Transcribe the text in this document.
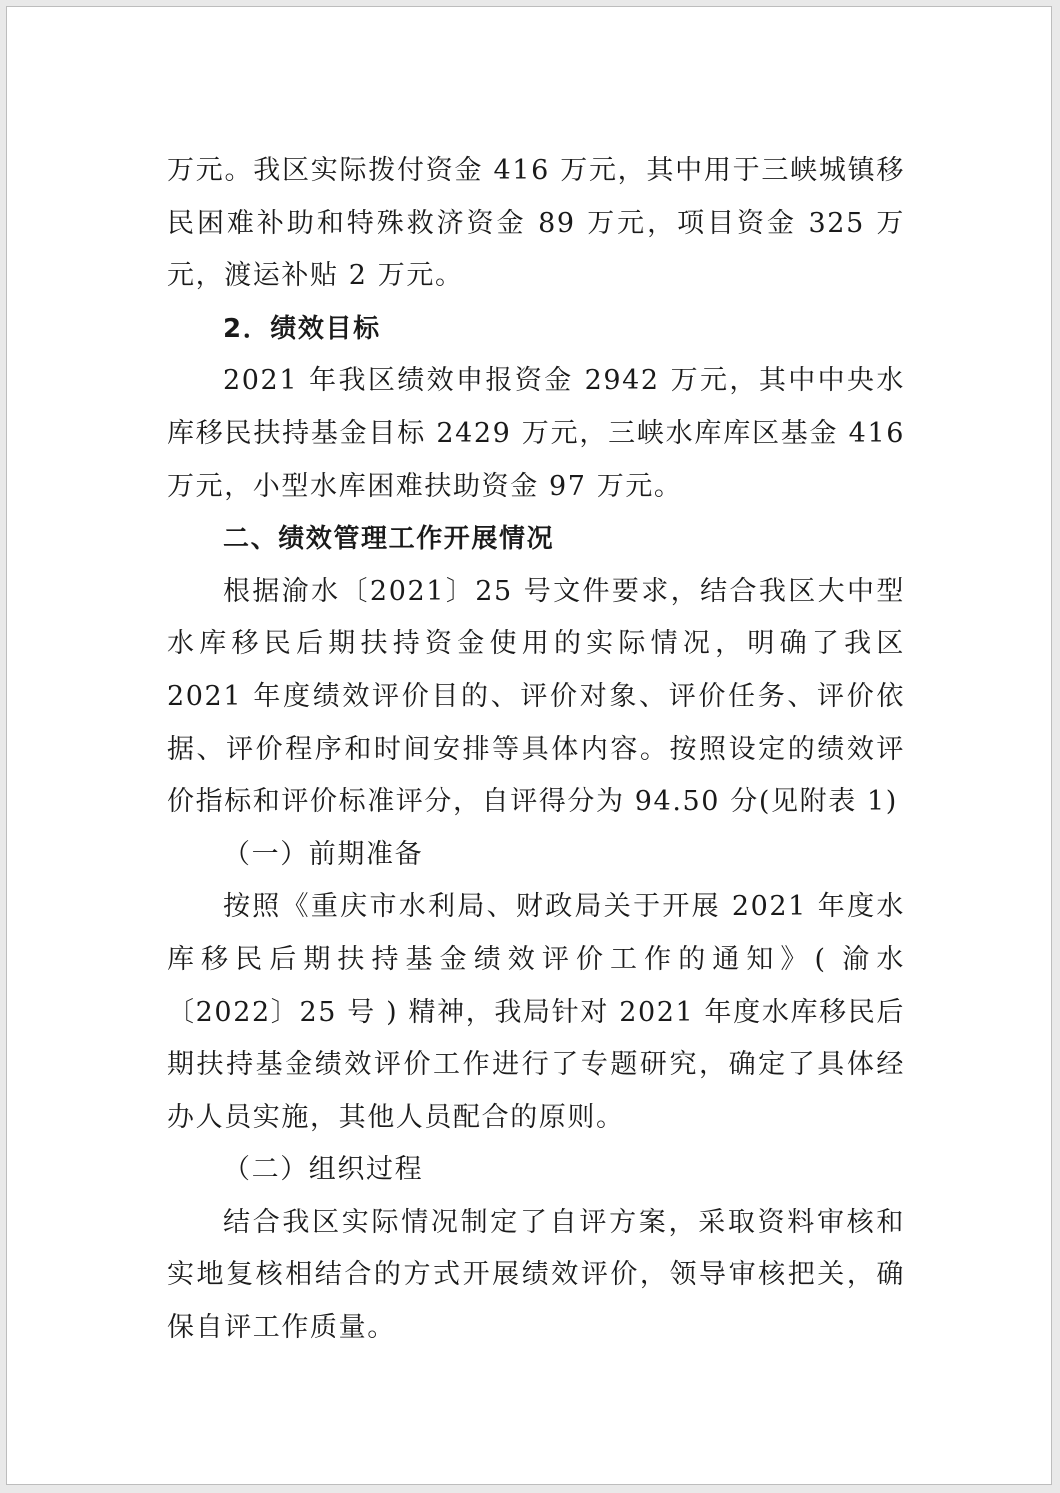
万元。我区实际拨付资金 416 万元，其中用于三峡城镇移民困难补助和特殊救济资金 89 万元，项目资金 325 万元，渡运补贴 2 万元。

2．绩效目标

2021 年我区绩效申报资金 2942 万元，其中中央水库移民扶持基金目标 2429 万元，三峡水库库区基金 416 万元，小型水库困难扶助资金 97 万元。

二、绩效管理工作开展情况

根据渝水〔2021〕25 号文件要求，结合我区大中型水库移民后期扶持资金使用的实际情况，明确了我区 2021 年度绩效评价目的、评价对象、评价任务、评价依据、评价程序和时间安排等具体内容。按照设定的绩效评价指标和评价标准评分，自评得分为 94.50 分(见附表 1)

（一）前期准备

按照《重庆市水利局、财政局关于开展 2021 年度水库移民后期扶持基金绩效评价工作的通知》( 渝水〔2022〕25 号 ) 精神，我局针对 2021 年度水库移民后期扶持基金绩效评价工作进行了专题研究，确定了具体经办人员实施，其他人员配合的原则。

（二）组织过程

结合我区实际情况制定了自评方案，采取资料审核和实地复核相结合的方式开展绩效评价，领导审核把关，确保自评工作质量。
